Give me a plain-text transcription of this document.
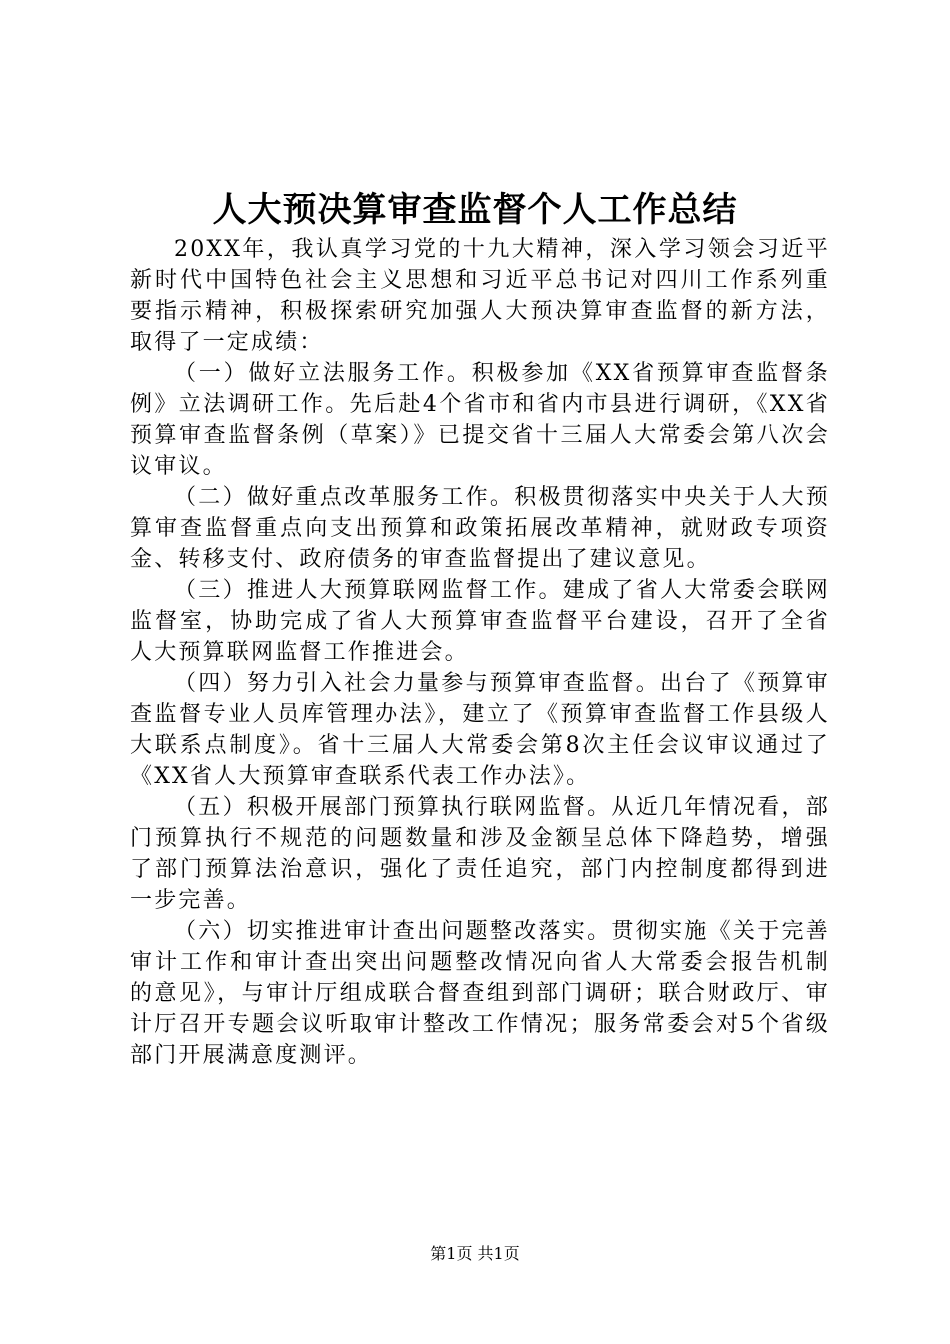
人大预决算审查监督个人工作总结

20XX年，我认真学习党的十九大精神，深入学习领会习近平新时代中国特色社会主义思想和习近平总书记对四川工作系列重要指示精神，积极探索研究加强人大预决算审查监督的新方法，取得了一定成绩：

（一）做好立法服务工作。积极参加《XX省预算审查监督条例》立法调研工作。先后赴4个省市和省内市县进行调研，《XX省预算审查监督条例（草案）》已提交省十三届人大常委会第八次会议审议。

（二）做好重点改革服务工作。积极贯彻落实中央关于人大预算审查监督重点向支出预算和政策拓展改革精神，就财政专项资金、转移支付、政府债务的审查监督提出了建议意见。

（三）推进人大预算联网监督工作。建成了省人大常委会联网监督室，协助完成了省人大预算审查监督平台建设，召开了全省人大预算联网监督工作推进会。

（四）努力引入社会力量参与预算审查监督。出台了《预算审查监督专业人员库管理办法》，建立了《预算审查监督工作县级人大联系点制度》。省十三届人大常委会第8次主任会议审议通过了《XX省人大预算审查联系代表工作办法》。

（五）积极开展部门预算执行联网监督。从近几年情况看，部门预算执行不规范的问题数量和涉及金额呈总体下降趋势，增强了部门预算法治意识，强化了责任追究，部门内控制度都得到进一步完善。

（六）切实推进审计查出问题整改落实。贯彻实施《关于完善审计工作和审计查出突出问题整改情况向省人大常委会报告机制的意见》，与审计厅组成联合督查组到部门调研；联合财政厅、审计厅召开专题会议听取审计整改工作情况；服务常委会对5个省级部门开展满意度测评。

第1页 共1页
